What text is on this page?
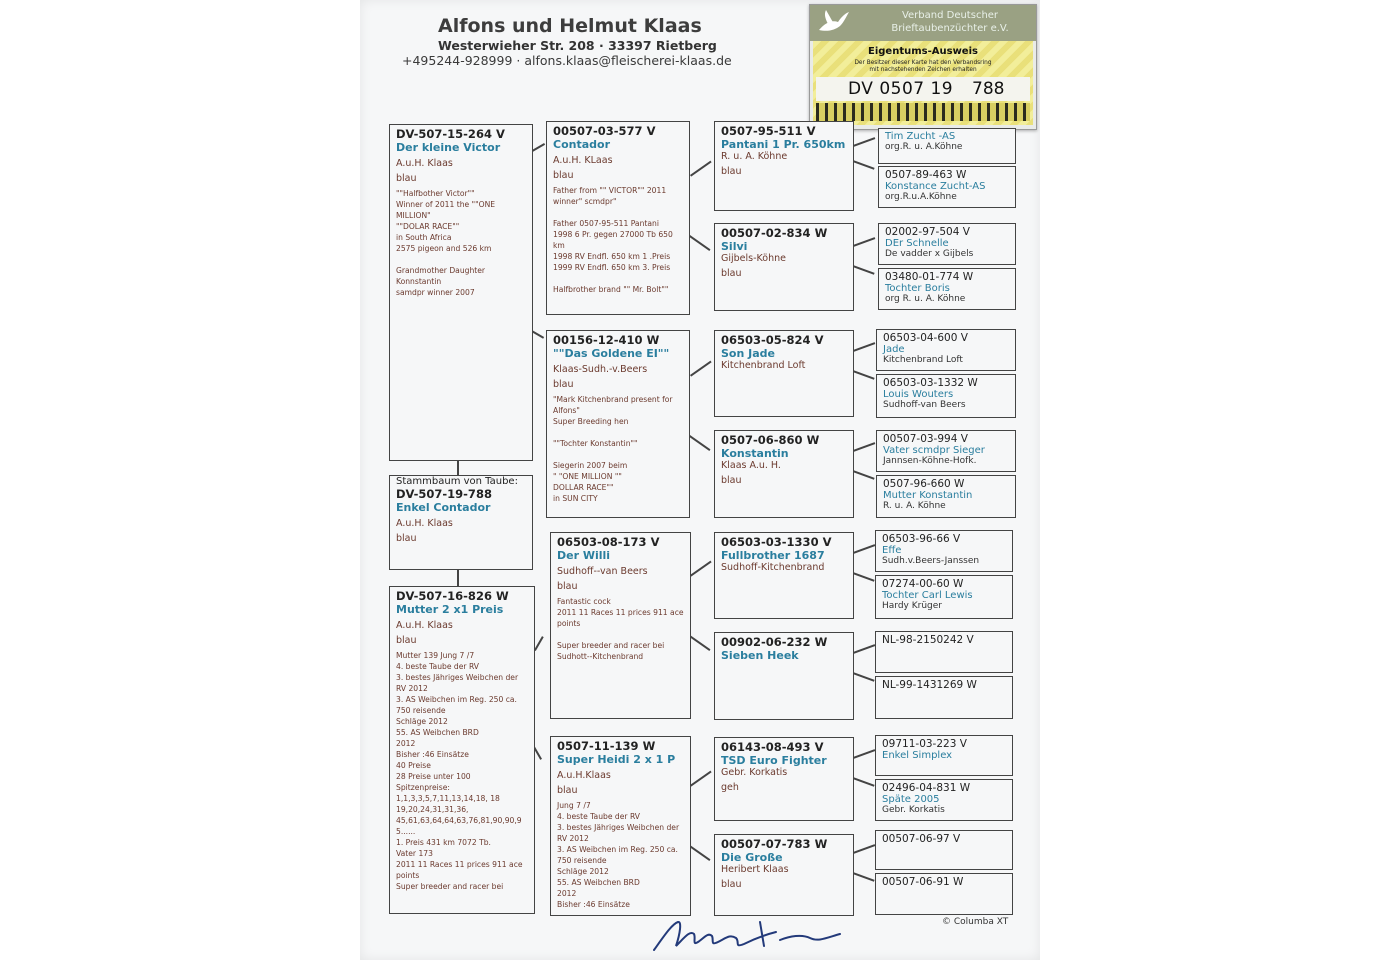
Alfons und Helmut Klaas
Westerwieher Str. 208 · 33397 Rietberg
+495244-928999 · alfons.klaas@fleischerei-klaas.de
Verband Deutscher
Brieftaubenzüchter e.V.
Eigentums-Ausweis
Der Besitzer dieser Karte hat den Verbandsring
mit nachstehenden Zeichen erhalten
DV 0507 19 788
DV-507-15-264 V
Der kleine Victor
A.u.H. Klaas
blau
""Halfbother Victor""
Winner of 2011 the ""ONE MILLION"
""DOLAR RACE""
in South Africa
2575 pigeon and 526 km

Grandmother Daughter
Konnstantin
samdpr winner 2007
Stammbaum von Taube:
DV-507-19-788
Enkel Contador
A.u.H. Klaas
blau
DV-507-16-826 W
Mutter 2 x1 Preis
A.u.H. Klaas
blau
Mutter 139 Jung 7 /7
4. beste Taube der RV
3. bestes Jähriges Weibchen der RV 2012
3. AS Weibchen im Reg. 250 ca. 750 reisende
Schläge 2012
55. AS Weibchen BRD
2012
Bisher :46 Einsätze
40 Preise
28 Preise unter 100
Spitzenpreise:
1,1,3,3,5,7,11,13,14,18, 18
19,20,24,31,31,36,
45,61,63,64,64,63,76,81,90,90,9
5......
1. Preis 431 km 7072 Tb.
Vater 173
2011 11 Races 11 prices 911 ace points
Super breeder and racer bei
00507-03-577 V
Contador
A.u.H. KLaas
blau
Father from "" VICTOR"" 2011 winner" scmdpr"

Father 0507-95-511 Pantani
1998 6 Pr. gegen 27000 Tb 650 km
1998 RV Endfl. 650 km 1 .Preis
1999 RV Endfl. 650 km 3. Preis

Halfbrother brand "" Mr. Bolt""
00156-12-410 W
""Das Goldene EI""
Klaas-Sudh.-v.Beers
blau
"Mark Kitchenbrand present for Alfons"
Super Breeding hen

""Tochter Konstantin""

Siegerin 2007 beim
" "ONE MILLION ""
DOLLAR RACE""
in SUN CITY
06503-08-173 V
Der Willi
Sudhoff--van Beers
blau
Fantastic cock
2011 11 Races 11 prices 911 ace points

Super breeder and racer bei
Sudhott--Kitchenbrand
0507-11-139 W
Super Heidi 2 x 1 P
A.u.H.Klaas
blau
Jung 7 /7
4. beste Taube der RV
3. bestes Jähriges Weibchen der RV 2012
3. AS Weibchen im Reg. 250 ca. 750 reisende
Schläge 2012
55. AS Weibchen BRD
2012
Bisher :46 Einsätze
0507-95-511 V
Pantani 1 Pr. 650km
R. u. A. Köhne
blau
00507-02-834 W
Silvi
Gijbels-Köhne
blau
06503-05-824 V
Son Jade
Kitchenbrand Loft
0507-06-860 W
Konstantin
Klaas A.u. H.
blau
06503-03-1330 V
Fullbrother 1687
Sudhoff-Kitchenbrand
00902-06-232 W
Sieben Heek
06143-08-493 V
TSD Euro Fighter
Gebr. Korkatis
geh
00507-07-783 W
Die Große
Heribert Klaas
blau
Tim Zucht -AS
org.R. u. A.Köhne
0507-89-463 W
Konstance Zucht-AS
org.R.u.A.Köhne
02002-97-504 V
DEr Schnelle
De vadder x Gijbels
03480-01-774 W
Tochter Boris
org R. u. A. Köhne
06503-04-600 V
Jade
Kitchenbrand Loft
06503-03-1332 W
Louis Wouters
Sudhoff-van Beers
00507-03-994 V
Vater scmdpr Sieger
Jannsen-Köhne-Hofk.
0507-96-660 W
Mutter Konstantin
R. u. A. Köhne
06503-96-66 V
Effe
Sudh.v.Beers-Janssen
07274-00-60 W
Tochter Carl Lewis
Hardy Krüger
NL-98-2150242 V
NL-99-1431269 W
09711-03-223 V
Enkel Simplex
02496-04-831 W
Späte 2005
Gebr. Korkatis
00507-06-97 V
00507-06-91 W
© Columba XT
